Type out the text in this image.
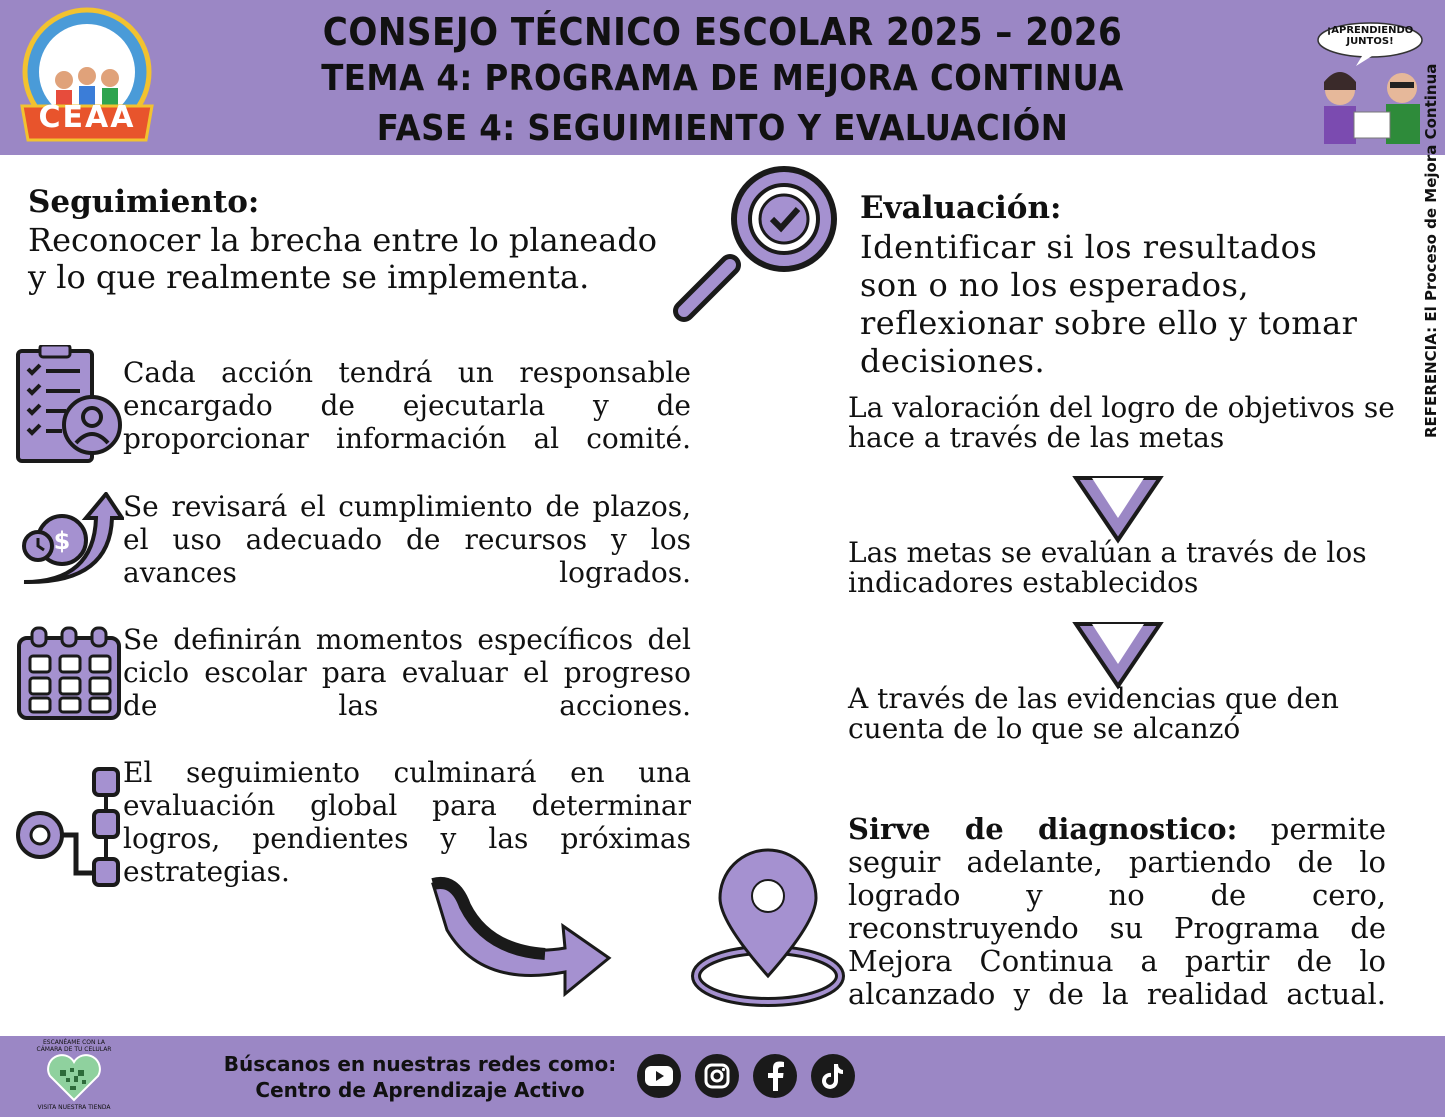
CEAA
CONSEJO TÉCNICO ESCOLAR 2025 – 2026
TEMA 4: PROGRAMA DE MEJORA CONTINUA
FASE 4: SEGUIMIENTO Y EVALUACIÓN
¡APRENDIENDO JUNTOS!
REFERENCIA: El Proceso de Mejora Continua
Seguimiento:
Reconocer la brecha entre lo planeado y lo que realmente se implementa.
Cada acción tendrá un responsable encargado de ejecutarla y de proporcionar información al comité.
$
Se revisará el cumplimiento de plazos, el uso adecuado de recursos y los avances logrados.
Se definirán momentos específicos del ciclo escolar para evaluar el progreso de las acciones.
El seguimiento culminará en una evaluación global para determinar logros, pendientes y las próximas estrategias.
Evaluación:
Identificar si los resultados son o no los esperados, reflexionar sobre ello y tomar decisiones.
La valoración del logro de objetivos se hace a través de las metas
Las metas se evalúan a través de los indicadores establecidos
A través de las evidencias que den cuenta de lo que se alcanzó
Sirve de diagnostico: permite seguir adelante, partiendo de lo logrado y no de cero, reconstruyendo su Programa de Mejora Continua a partir de lo alcanzado y de la realidad actual.
ESCANÉAME CON LA CÁMARA DE TU CELULAR
VISITA NUESTRA TIENDA
Búscanos en nuestras redes como:
Centro de Aprendizaje Activo
